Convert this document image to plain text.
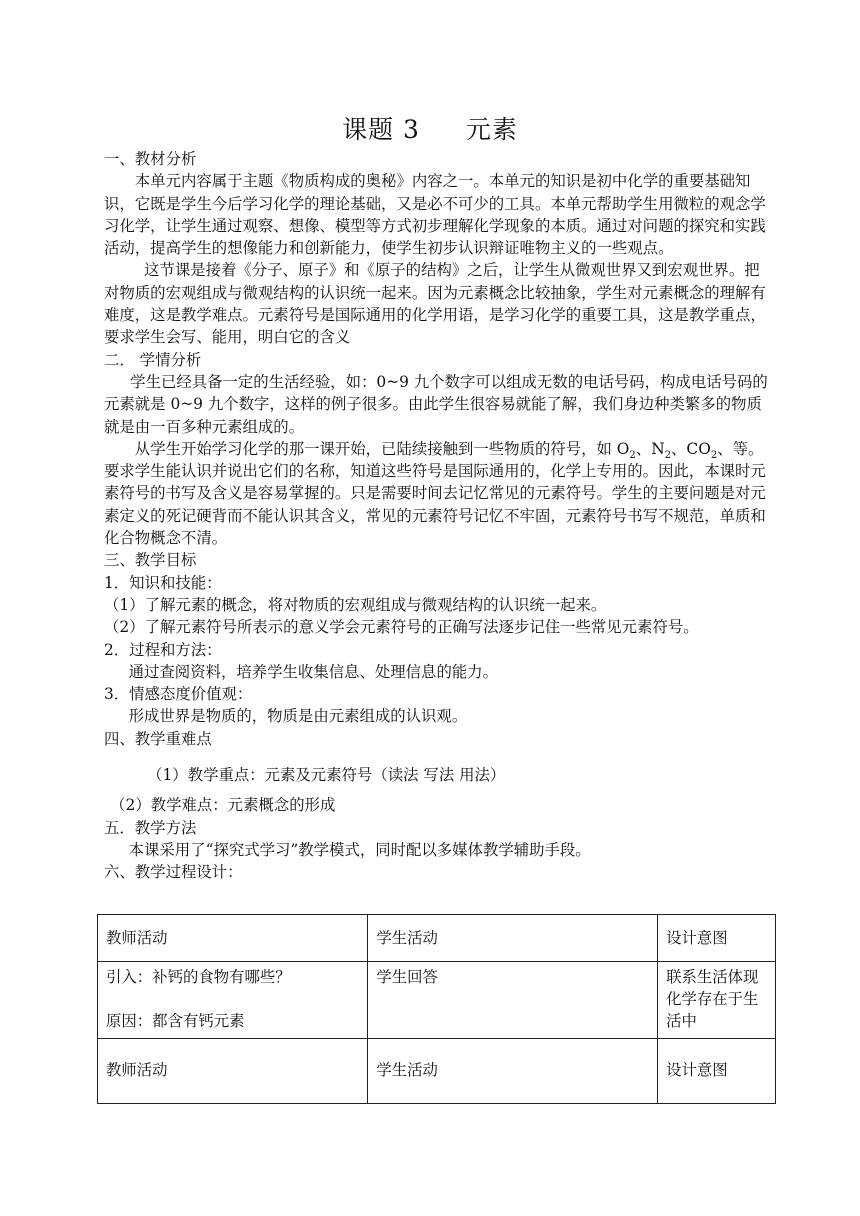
课题 3 元素

一、教材分析

本单元内容属于主题《物质构成的奥秘》内容之一。本单元的知识是初中化学的重要基础知识，它既是学生今后学习化学的理论基础，又是必不可少的工具。本单元帮助学生用微粒的观念学习化学，让学生通过观察、想像、模型等方式初步理解化学现象的本质。通过对问题的探究和实践活动，提高学生的想像能力和创新能力，使学生初步认识辩证唯物主义的一些观点。

这节课是接着《分子、原子》和《原子的结构》之后，让学生从微观世界又到宏观世界。把对物质的宏观组成与微观结构的认识统一起来。因为元素概念比较抽象，学生对元素概念的理解有难度，这是教学难点。元素符号是国际通用的化学用语，是学习化学的重要工具，这是教学重点，要求学生会写、能用，明白它的含义

二． 学情分析

学生已经具备一定的生活经验，如：0~9 九个数字可以组成无数的电话号码，构成电话号码的元素就是 0~9 九个数字，这样的例子很多。由此学生很容易就能了解，我们身边种类繁多的物质就是由一百多种元素组成的。

从学生开始学习化学的那一课开始，已陆续接触到一些物质的符号，如 $O_2$、$N_2$、$CO_2$、等。要求学生能认识并说出它们的名称，知道这些符号是国际通用的，化学上专用的。因此，本课时元素符号的书写及含义是容易掌握的。只是需要时间去记忆常见的元素符号。学生的主要问题是对元素定义的死记硬背而不能认识其含义，常见的元素符号记忆不牢固，元素符号书写不规范，单质和化合物概念不清。

三、教学目标

1．知识和技能：

（1）了解元素的概念，将对物质的宏观组成与微观结构的认识统一起来。

（2）了解元素符号所表示的意义学会元素符号的正确写法逐步记住一些常见元素符号。

2．过程和方法：

通过查阅资料，培养学生收集信息、处理信息的能力。

3．情感态度价值观：

形成世界是物质的，物质是由元素组成的认识观。

四、教学重难点

（1）教学重点：元素及元素符号（读法 写法 用法）

（2）教学难点：元素概念的形成

五．教学方法

本课采用了“探究式学习”教学模式，同时配以多媒体教学辅助手段。

六、教学过程设计：

教师活动	学生活动	设计意图

引入：补钙的食物有哪些？
原因：都含有钙元素	学生回答	联系生活体现化学存在于生活中
教师活动	学生活动	设计意图
